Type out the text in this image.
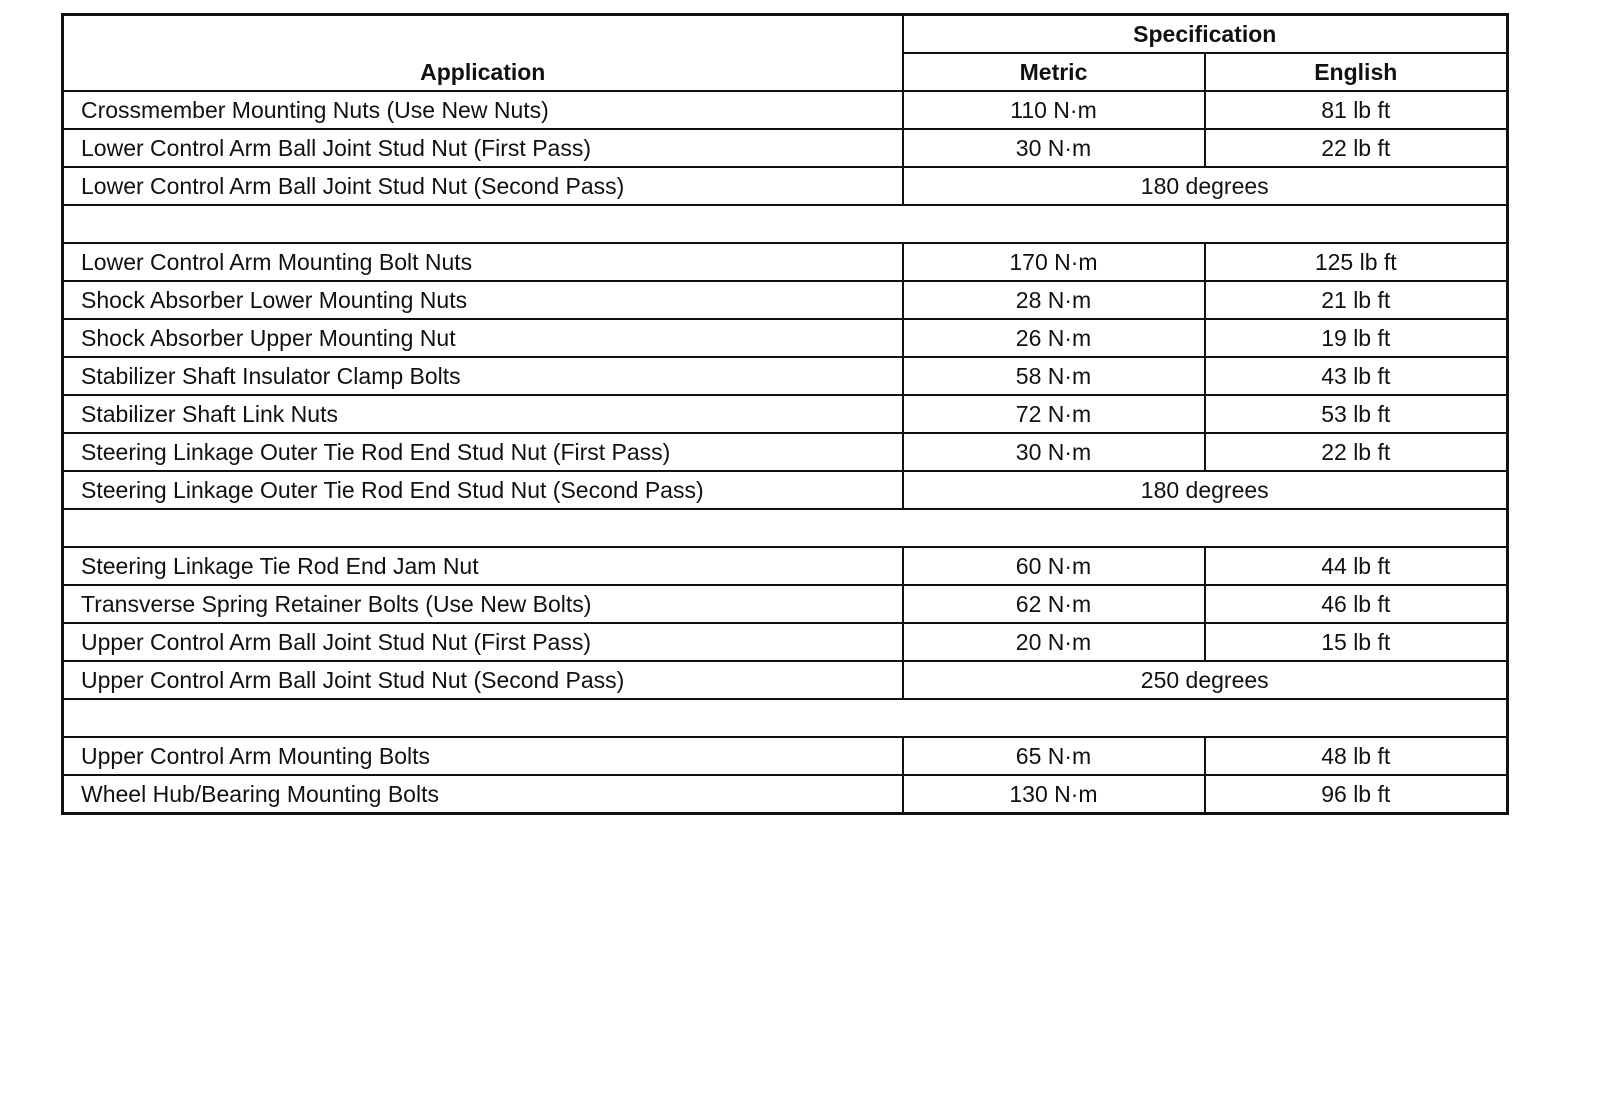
Application	Specification	
	Metric	English
Crossmember Mounting Nuts (Use New Nuts)	110 N·m	81 lb ft
Lower Control Arm Ball Joint Stud Nut (First Pass)	30 N·m	22 lb ft
Lower Control Arm Ball Joint Stud Nut (Second Pass)	180 degrees	

Lower Control Arm Mounting Bolt Nuts	170 N·m	125 lb ft
Shock Absorber Lower Mounting Nuts	28 N·m	21 lb ft
Shock Absorber Upper Mounting Nut	26 N·m	19 lb ft
Stabilizer Shaft Insulator Clamp Bolts	58 N·m	43 lb ft
Stabilizer Shaft Link Nuts	72 N·m	53 lb ft
Steering Linkage Outer Tie Rod End Stud Nut (First Pass)	30 N·m	22 lb ft
Steering Linkage Outer Tie Rod End Stud Nut (Second Pass)	180 degrees	

Steering Linkage Tie Rod End Jam Nut	60 N·m	44 lb ft
Transverse Spring Retainer Bolts (Use New Bolts)	62 N·m	46 lb ft
Upper Control Arm Ball Joint Stud Nut (First Pass)	20 N·m	15 lb ft
Upper Control Arm Ball Joint Stud Nut (Second Pass)	250 degrees	

Upper Control Arm Mounting Bolts	65 N·m	48 lb ft
Wheel Hub/Bearing Mounting Bolts	130 N·m	96 lb ft
